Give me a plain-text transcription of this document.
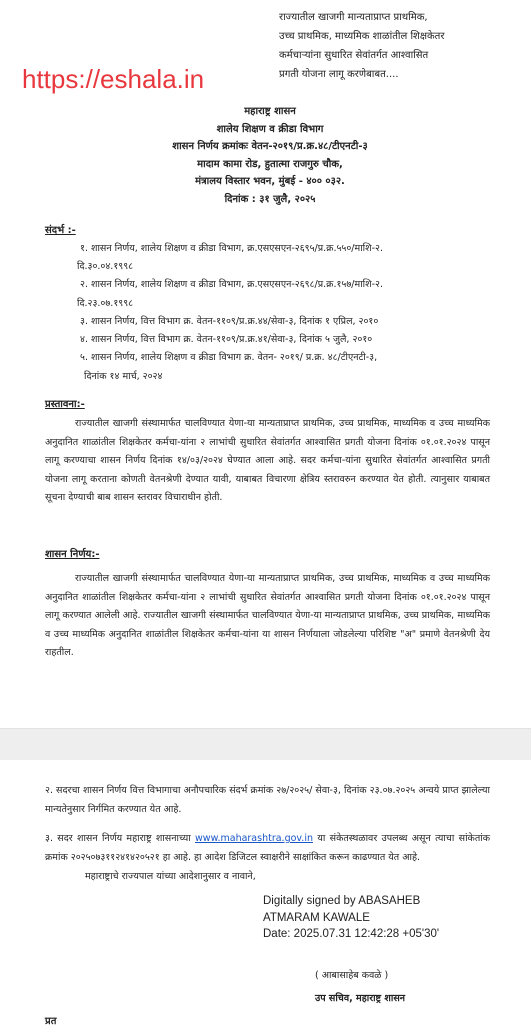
राज्यातील खाजगी मान्यताप्राप्त प्राथमिक,
उच्च प्राथमिक, माध्यमिक शाळांतील शिक्षकेतर
कर्मचाऱ्यांना सुधारित सेवांतर्गत आश्वासित
प्रगती योजना लागू करणेबाबत....
https://eshala.in
महाराष्ट्र शासन
शालेय शिक्षण व क्रीडा विभाग
शासन निर्णय क्रमांकः वेतन-२०१९/प्र.क्र.४८/टीएनटी-३
मादाम कामा रोड, हुतात्मा राजगुरु चौक,
मंत्रालय विस्तार भवन, मुंबई - ४०० ०३२.
दिनांक : ३१ जुलै, २०२५
संदर्भ :-
१. शासन निर्णय, शालेय शिक्षण व क्रीडा विभाग, क्र.एसएसएन-२६९५/प्र.क्र.५५०/माशि-२.
दि.३०.०४.१९९८
२. शासन निर्णय, शालेय शिक्षण व क्रीडा विभाग, क्र.एसएसएन-२६९८/प्र.क्र.१५७/माशि-२.
दि.२३.०७.१९९८
३. शासन निर्णय, वित्त विभाग क्र. वेतन-११०९/प्र.क्र.४४/सेवा-३, दिनांक १ एप्रिल, २०१०
४. शासन निर्णय, वित्त विभाग क्र. वेतन-११०९/प्र.क्र.४१/सेवा-३, दिनांक ५ जुलै, २०१०
५. शासन निर्णय, शालेय शिक्षण व क्रीडा विभाग क्र. वेतन- २०१९/ प्र.क्र. ४८/टीएनटी-३,
दिनांक १४ मार्च, २०२४
प्रस्तावना:-
राज्यातील खाजगी संस्थामार्फत चालविण्यात येणा-या मान्यताप्राप्त प्राथमिक, उच्च प्राथमिक, माध्यमिक व उच्च माध्यमिक अनुदानित शाळांतील शिक्षकेतर कर्मचा-यांना २ लाभांची सुधारित सेवांतर्गत आश्वासित प्रगती योजना दिनांक ०१.०१.२०२४ पासून लागू करण्याचा शासन निर्णय दिनांक १४/०३/२०२४ घेण्यात आला आहे. सदर कर्मचा-यांना सुधारित सेवांतर्गत आश्वासित प्रगती योजना लागू करताना कोणती वेतनश्रेणी देण्यात यावी, याबाबत विचारणा क्षेत्रिय स्तरावरुन करण्यात येत होती. त्यानुसार याबाबत सूचना देण्याची बाब शासन स्तरावर विचाराधीन होती.
शासन निर्णय:-
राज्यातील खाजगी संस्थामार्फत चालविण्यात येणा-या मान्यताप्राप्त प्राथमिक, उच्च प्राथमिक, माध्यमिक व उच्च माध्यमिक अनुदानित शाळांतील शिक्षकेतर कर्मचा-यांना २ लाभांची सुधारित सेवांतर्गत आश्वासित प्रगती योजना दिनांक ०१.०१.२०२४ पासून लागू करण्यात आलेली आहे. राज्यातील खाजगी संस्थामार्फत चालविण्यात येणा-या मान्यताप्राप्त प्राथमिक, उच्च प्राथमिक, माध्यमिक व उच्च माध्यमिक अनुदानित शाळांतील शिक्षकेतर कर्मचा-यांना या शासन निर्णयाला जोडलेल्या परिशिष्ट "अ" प्रमाणे वेतनश्रेणी देय राहतील.
२. सदरचा शासन निर्णय वित्त विभागाचा अनौपचारिक संदर्भ क्रमांक २७/२०२५/ सेवा-३, दिनांक २३.०७.२०२५ अन्वये प्राप्त झालेल्या मान्यतेनुसार निर्गमित करण्यात येत आहे.
३. सदर शासन निर्णय महाराष्ट्र शासनाच्या www.maharashtra.gov.in या संकेतस्थळावर उपलब्ध असून त्याचा सांकेतांक क्रमांक २०२५०७३११२४१४२०५२१ हा आहे. हा आदेश डिजिटल स्वाक्षरीने साक्षांकित करून काढण्यात येत आहे.
महाराष्ट्राचे राज्यपाल यांच्या आदेशानुसार व नावाने,
Digitally signed by ABASAHEB
ATMARAM KAWALE
Date: 2025.07.31 12:42:28 +05'30'
( आबासाहेब कवळे )
उप सचिव, महाराष्ट्र शासन
प्रत
